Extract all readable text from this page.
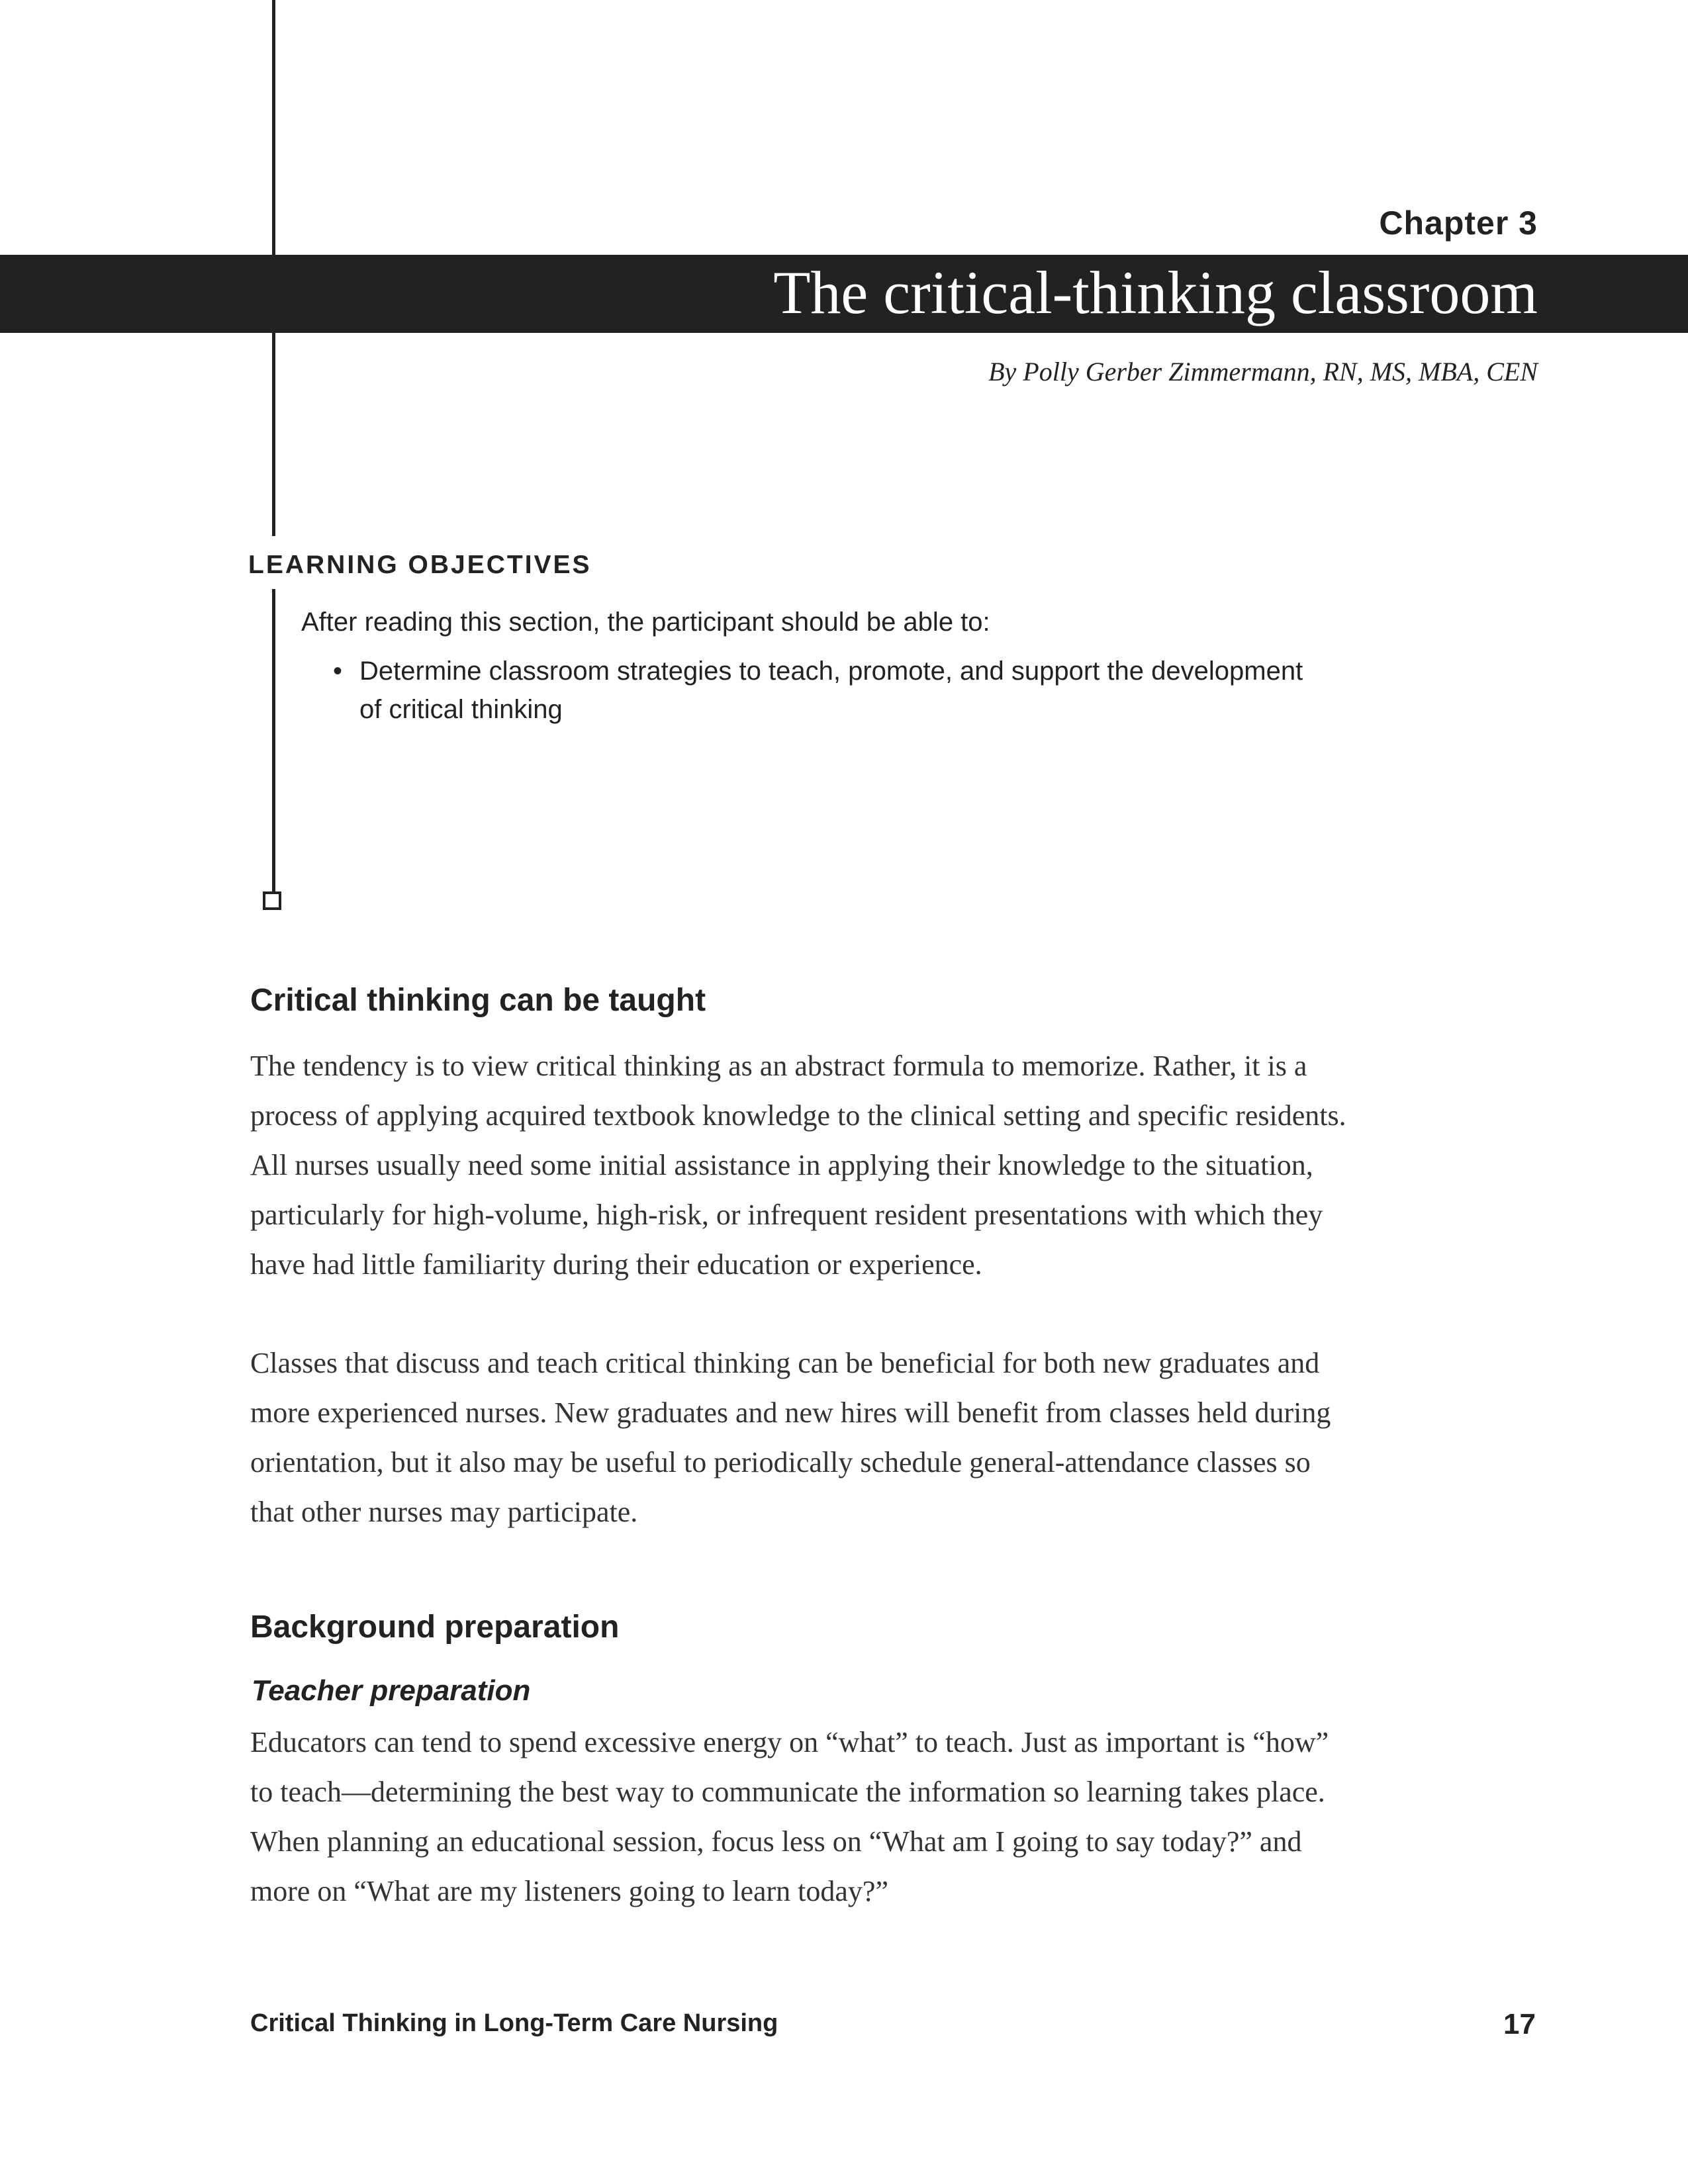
Chapter 3
The critical-thinking classroom
By Polly Gerber Zimmermann, RN, MS, MBA, CEN
LEARNING OBJECTIVES
After reading this section, the participant should be able to:
• Determine classroom strategies to teach, promote, and support the development
of critical thinking
Critical thinking can be taught
The tendency is to view critical thinking as an abstract formula to memorize. Rather, it is a
process of applying acquired textbook knowledge to the clinical setting and specific residents.
All nurses usually need some initial assistance in applying their knowledge to the situation,
particularly for high-volume, high-risk, or infrequent resident presentations with which they
have had little familiarity during their education or experience.
Classes that discuss and teach critical thinking can be beneficial for both new graduates and
more experienced nurses. New graduates and new hires will benefit from classes held during
orientation, but it also may be useful to periodically schedule general-attendance classes so
that other nurses may participate.
Background preparation
Teacher preparation
Educators can tend to spend excessive energy on “what” to teach. Just as important is “how”
to teach—determining the best way to communicate the information so learning takes place.
When planning an educational session, focus less on “What am I going to say today?” and
more on “What are my listeners going to learn today?”
Critical Thinking in Long-Term Care Nursing	17
